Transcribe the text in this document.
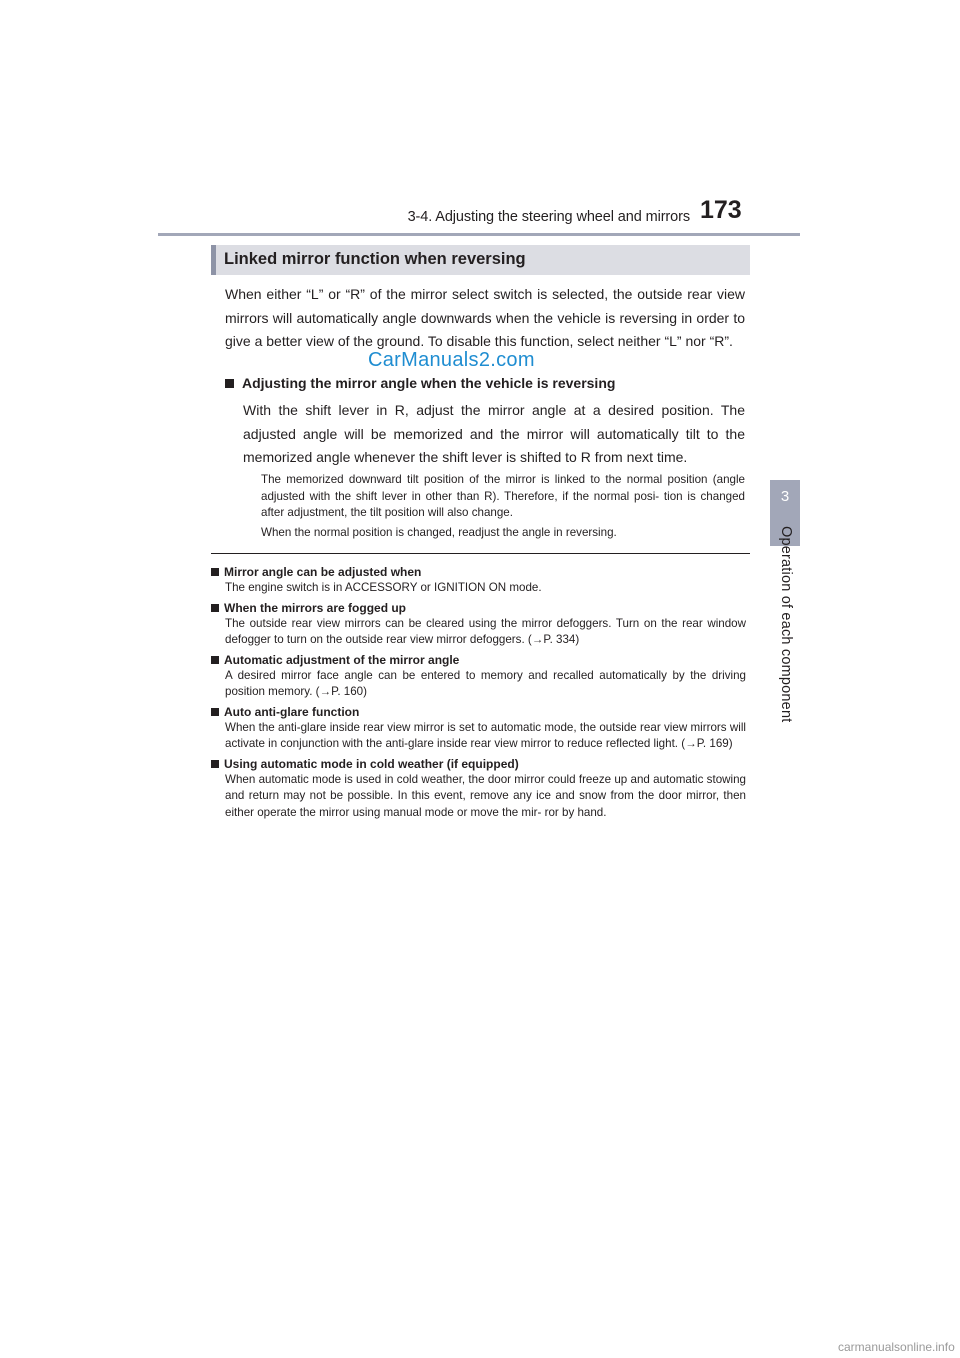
3-4. Adjusting the steering wheel and mirrors 173
3
Operation of each component
Linked mirror function when reversing
When either “L” or “R” of the mirror select switch is selected, the outside rear view mirrors will automatically angle downwards when the vehicle is reversing in order to give a better view of the ground. To disable this function, select neither “L” nor “R”.
CarManuals2.com
Adjusting the mirror angle when the vehicle is reversing
With the shift lever in R, adjust the mirror angle at a desired position. The adjusted angle will be memorized and the mirror will automatically tilt to the memorized angle whenever the shift lever is shifted to R from next time.
The memorized downward tilt position of the mirror is linked to the normal position (angle adjusted with the shift lever in other than R). Therefore, if the normal posi- tion is changed after adjustment, the tilt position will also change.
When the normal position is changed, readjust the angle in reversing.
Mirror angle can be adjusted when
The engine switch is in ACCESSORY or IGNITION ON mode.
When the mirrors are fogged up
The outside rear view mirrors can be cleared using the mirror defoggers. Turn on the rear window defogger to turn on the outside rear view mirror defoggers. (→P. 334)
Automatic adjustment of the mirror angle
A desired mirror face angle can be entered to memory and recalled automatically by the driving position memory. (→P. 160)
Auto anti-glare function
When the anti-glare inside rear view mirror is set to automatic mode, the outside rear view mirrors will activate in conjunction with the anti-glare inside rear view mirror to reduce reflected light. (→P. 169)
Using automatic mode in cold weather (if equipped)
When automatic mode is used in cold weather, the door mirror could freeze up and automatic stowing and return may not be possible. In this event, remove any ice and snow from the door mirror, then either operate the mirror using manual mode or move the mir- ror by hand.
carmanualsonline.info
